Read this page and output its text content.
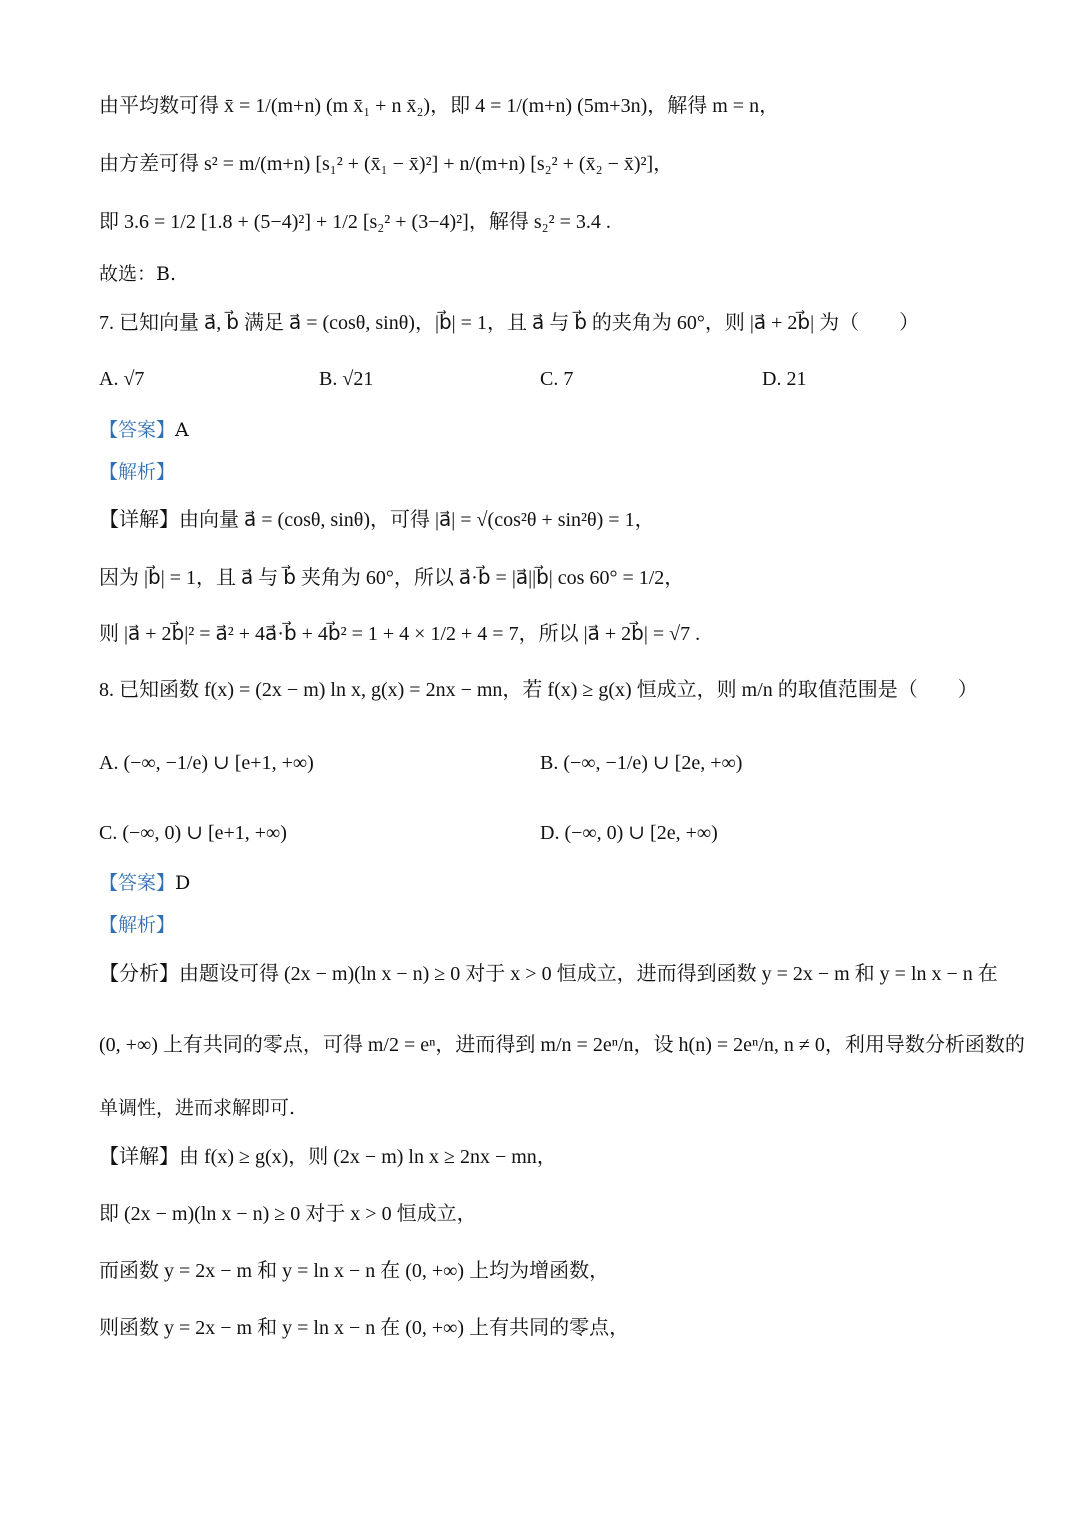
由平均数可得 x̄ = 1/(m+n) (m x̄₁ + n x̄₂)，即 4 = 1/(m+n) (5m+3n)，解得 m = n，
由方差可得 s² = m/(m+n) [s₁² + (x̄₁ − x̄)²] + n/(m+n) [s₂² + (x̄₂ − x̄)²]，
即 3.6 = 1/2 [1.8 + (5−4)²] + 1/2 [s₂² + (3−4)²]，解得 s₂² = 3.4 .
故选：B.
7. 已知向量 a⃗, b⃗ 满足 a⃗ = (cosθ, sinθ)，|b⃗| = 1，且 a⃗ 与 b⃗ 的夹角为 60°，则 |a⃗ + 2b⃗| 为（　　）
A. √7	B. √21	C. 7	D. 21
【答案】A
【解析】
【详解】由向量 a⃗ = (cosθ, sinθ)，可得 |a⃗| = √(cos²θ + sin²θ) = 1，
因为 |b⃗| = 1，且 a⃗ 与 b⃗ 夹角为 60°，所以 a⃗·b⃗ = |a⃗||b⃗| cos 60° = 1/2，
则 |a⃗ + 2b⃗|² = a⃗² + 4a⃗·b⃗ + 4b⃗² = 1 + 4 × 1/2 + 4 = 7，所以 |a⃗ + 2b⃗| = √7 .
8. 已知函数 f(x) = (2x − m) ln x, g(x) = 2nx − mn，若 f(x) ≥ g(x) 恒成立，则 m/n 的取值范围是（　　）
A. (−∞, −1/e) ∪ [e+1, +∞)	B. (−∞, −1/e) ∪ [2e, +∞)
C. (−∞, 0) ∪ [e+1, +∞)	D. (−∞, 0) ∪ [2e, +∞)
【答案】D
【解析】
【分析】由题设可得 (2x − m)(ln x − n) ≥ 0 对于 x > 0 恒成立，进而得到函数 y = 2x − m 和 y = ln x − n 在
(0, +∞) 上有共同的零点，可得 m/2 = eⁿ，进而得到 m/n = 2eⁿ/n，设 h(n) = 2eⁿ/n, n ≠ 0，利用导数分析函数的
单调性，进而求解即可.
【详解】由 f(x) ≥ g(x)，则 (2x − m) ln x ≥ 2nx − mn，
即 (2x − m)(ln x − n) ≥ 0 对于 x > 0 恒成立，
而函数 y = 2x − m 和 y = ln x − n 在 (0, +∞) 上均为增函数，
则函数 y = 2x − m 和 y = ln x − n 在 (0, +∞) 上有共同的零点，
